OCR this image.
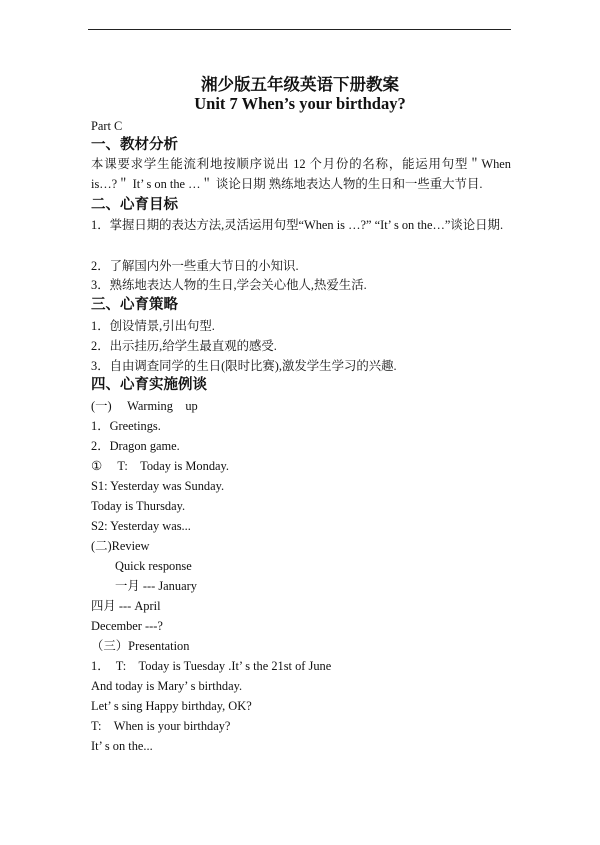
湘少版五年级英语下册教案
Unit 7 When’s your birthday?
Part C
一、教材分析
本课要求学生能流利地按顺序说出 12 个月份的名称，能运用句型＂When is…?＂ It’ s on the …＂ 谈论日期 熟练地表达人物的生日和一些重大节目.
二、心育目标
1．掌握日期的表达方法,灵活运用句型“When is …?” “It’ s on the…”谈论日期.
2．了解国内外一些重大节日的小知识.
3．熟练地表达人物的生日,学会关心他人,热爱生活.
三、心育策略
1．创设情景,引出句型.
2．出示挂历,给学生最直观的感受.
3．自由调查同学的生日(限时比赛),激发学生学习的兴趣.
四、心育实施例谈
(一)　 Warming　up
1．Greetings.
2．Dragon game.
①　 T:　Today is Monday.
S1: Yesterday was Sunday.
Today is Thursday.
S2: Yesterday was...
(二)Review
Quick response
一月 --- January
四月 --- April
December ---?
（三）Presentation
1．　T:　Today is Tuesday .It’ s the 21st of June
And today is Mary’ s birthday.
Let’ s sing Happy birthday, OK?
T:　When is your birthday?
It’ s on the...
